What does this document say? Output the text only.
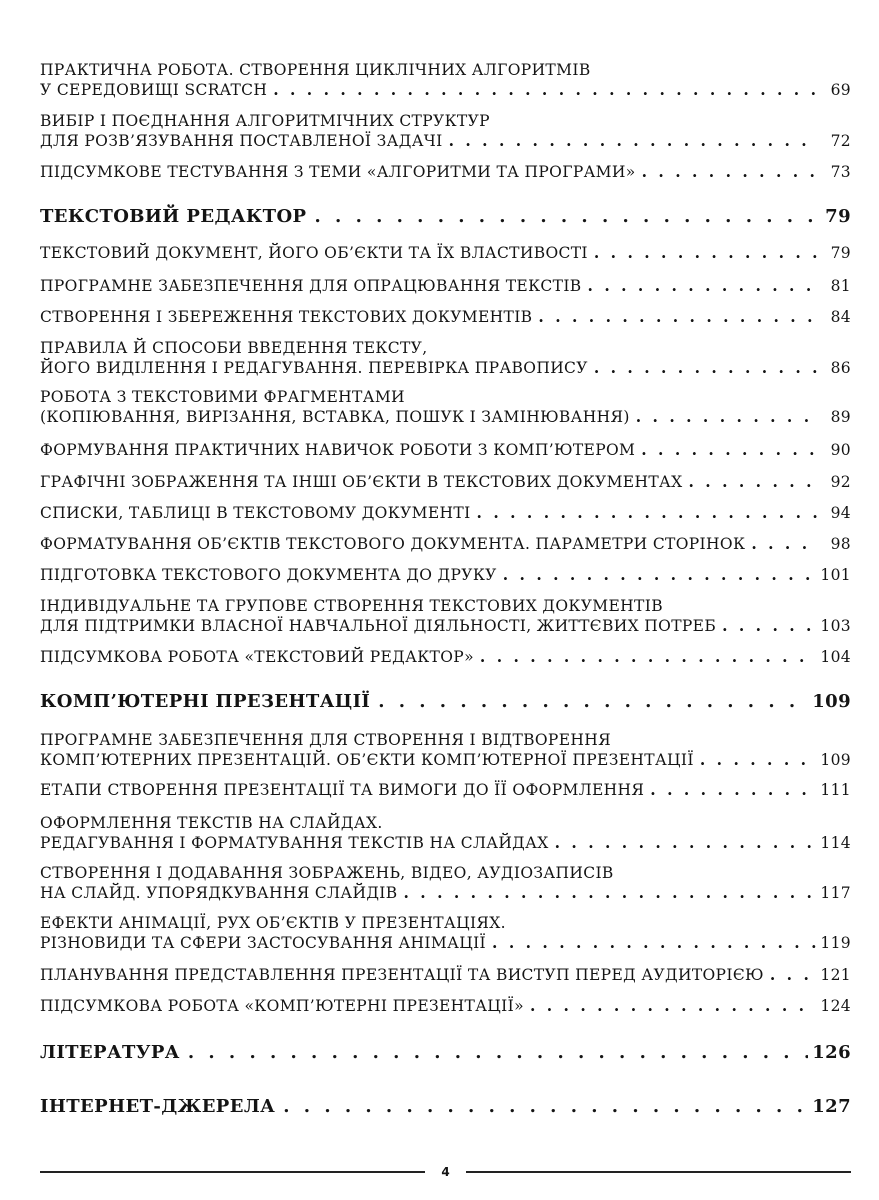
ПРАКТИЧНА РОБОТА. СТВОРЕННЯ ЦИКЛІЧНИХ АЛГОРИТМІВ
У СЕРЕДОВИЩІ SCRATCH . . .	69
ВИБІР І ПОЄДНАННЯ АЛГОРИТМІЧНИХ СТРУКТУР
ДЛЯ РОЗВ’ЯЗУВАННЯ ПОСТАВЛЕНОЇ ЗАДАЧІ . . .	72
ПІДСУМКОВЕ ТЕСТУВАННЯ З ТЕМИ «АЛГОРИТМИ ТА ПРОГРАМИ» . . .	73
ТЕКСТОВИЙ РЕДАКТОР . . .	79
ТЕКСТОВИЙ ДОКУМЕНТ, ЙОГО ОБ’ЄКТИ ТА ЇХ ВЛАСТИВОСТІ . . .	79
ПРОГРАМНЕ ЗАБЕЗПЕЧЕННЯ ДЛЯ ОПРАЦЮВАННЯ ТЕКСТІВ . . .	81
СТВОРЕННЯ І ЗБЕРЕЖЕННЯ ТЕКСТОВИХ ДОКУМЕНТІВ . . .	84
ПРАВИЛА Й СПОСОБИ ВВЕДЕННЯ ТЕКСТУ,
ЙОГО ВИДІЛЕННЯ І РЕДАГУВАННЯ. ПЕРЕВІРКА ПРАВОПИСУ . . .	86
РОБОТА З ТЕКСТОВИМИ ФРАГМЕНТАМИ
(КОПІЮВАННЯ, ВИРІЗАННЯ, ВСТАВКА, ПОШУК І ЗАМІНЮВАННЯ) . . .	89
ФОРМУВАННЯ ПРАКТИЧНИХ НАВИЧОК РОБОТИ З КОМП’ЮТЕРОМ . . .	90
ГРАФІЧНІ ЗОБРАЖЕННЯ ТА ІНШІ ОБ’ЄКТИ В ТЕКСТОВИХ ДОКУМЕНТАХ . . .	92
СПИСКИ, ТАБЛИЦІ В ТЕКСТОВОМУ ДОКУМЕНТІ . . .	94
ФОРМАТУВАННЯ ОБ’ЄКТІВ ТЕКСТОВОГО ДОКУМЕНТА. ПАРАМЕТРИ СТОРІНОК . . .	98
ПІДГОТОВКА ТЕКСТОВОГО ДОКУМЕНТА ДО ДРУКУ . . .	101
ІНДИВІДУАЛЬНЕ ТА ГРУПОВЕ СТВОРЕННЯ ТЕКСТОВИХ ДОКУМЕНТІВ
ДЛЯ ПІДТРИМКИ ВЛАСНОЇ НАВЧАЛЬНОЇ ДІЯЛЬНОСТІ, ЖИТТЄВИХ ПОТРЕБ . . .	103
ПІДСУМКОВА РОБОТА «ТЕКСТОВИЙ РЕДАКТОР» . . .	104
КОМП’ЮТЕРНІ ПРЕЗЕНТАЦІЇ . . .	109
ПРОГРАМНЕ ЗАБЕЗПЕЧЕННЯ ДЛЯ СТВОРЕННЯ І ВІДТВОРЕННЯ
КОМП’ЮТЕРНИХ ПРЕЗЕНТАЦІЙ. ОБ’ЄКТИ КОМП’ЮТЕРНОЇ ПРЕЗЕНТАЦІЇ . . .	109
ЕТАПИ СТВОРЕННЯ ПРЕЗЕНТАЦІЇ ТА ВИМОГИ ДО ЇЇ ОФОРМЛЕННЯ . . .	111
ОФОРМЛЕННЯ ТЕКСТІВ НА СЛАЙДАХ.
РЕДАГУВАННЯ І ФОРМАТУВАННЯ ТЕКСТІВ НА СЛАЙДАХ . . .	114
СТВОРЕННЯ І ДОДАВАННЯ ЗОБРАЖЕНЬ, ВІДЕО, АУДІОЗАПИСІВ
НА СЛАЙД. УПОРЯДКУВАННЯ СЛАЙДІВ . . .	117
ЕФЕКТИ АНІМАЦІЇ, РУХ ОБ’ЄКТІВ У ПРЕЗЕНТАЦІЯХ.
РІЗНОВИДИ ТА СФЕРИ ЗАСТОСУВАННЯ АНІМАЦІЇ . . .	119
ПЛАНУВАННЯ ПРЕДСТАВЛЕННЯ ПРЕЗЕНТАЦІЇ ТА ВИСТУП ПЕРЕД АУДИТОРІЄЮ . . .	121
ПІДСУМКОВА РОБОТА «КОМП’ЮТЕРНІ ПРЕЗЕНТАЦІЇ» . . .	124
ЛІТЕРАТУРА . . .	126
ІНТЕРНЕТ-ДЖЕРЕЛА . . .	127
4
